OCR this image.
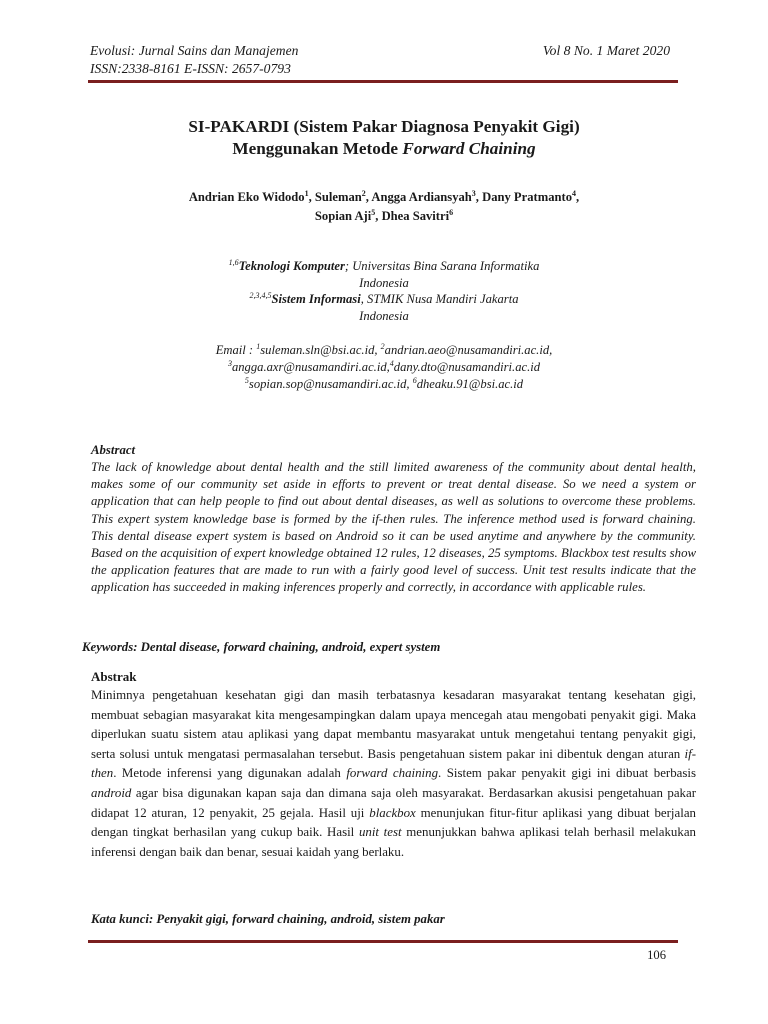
Evolusi: Jurnal Sains dan Manajemen	Vol 8 No. 1 Maret 2020
ISSN:2338-8161 E-ISSN: 2657-0793
SI-PAKARDI (Sistem Pakar Diagnosa Penyakit Gigi)
Menggunakan Metode Forward Chaining
Andrian Eko Widodo$^1$, Suleman$^2$, Angga Ardiansyah$^3$, Dany Pratmanto$^4$,
Sopian Aji$^5$, Dhea Savitri$^6$
$^{1,6}$Teknologi Komputer; Universitas Bina Sarana Informatika
Indonesia
$^{2,3,4,5}$Sistem Informasi, STMIK Nusa Mandiri Jakarta
Indonesia
Email : $^1$suleman.sln@bsi.ac.id, $^2$andrian.aeo@nusamandiri.ac.id,
$^3$angga.axr@nusamandiri.ac.id,$^4$dany.dto@nusamandiri.ac.id
$^5$sopian.sop@nusamandiri.ac.id, $^6$dheaku.91@bsi.ac.id
Abstract

The lack of knowledge about dental health and the still limited awareness of the community about dental health, makes some of our community set aside in efforts to prevent or treat dental disease. So we need a system or application that can help people to find out about dental diseases, as well as solutions to overcome these problems. This expert system knowledge base is formed by the if-then rules. The inference method used is forward chaining. This dental disease expert system is based on Android so it can be used anytime and anywhere by the community. Based on the acquisition of expert knowledge obtained 12 rules, 12 diseases, 25 symptoms. Blackbox test results show the application features that are made to run with a fairly good level of success. Unit test results indicate that the application has succeeded in making inferences properly and correctly, in accordance with applicable rules.

Keywords: Dental disease, forward chaining, android, expert system
Abstrak

Minimnya pengetahuan kesehatan gigi dan masih terbatasnya kesadaran masyarakat tentang kesehatan gigi, membuat sebagian masyarakat kita mengesampingkan dalam upaya mencegah atau mengobati penyakit gigi. Maka diperlukan suatu sistem atau aplikasi yang dapat membantu masyarakat untuk mengetahui tentang penyakit gigi, serta solusi untuk mengatasi permasalahan tersebut. Basis pengetahuan sistem pakar ini dibentuk dengan aturan if-then. Metode inferensi yang digunakan adalah forward chaining. Sistem pakar penyakit gigi ini dibuat berbasis android agar bisa digunakan kapan saja dan dimana saja oleh masyarakat. Berdasarkan akusisi pengetahuan pakar didapat 12 aturan, 12 penyakit, 25 gejala. Hasil uji blackbox menunjukan fitur-fitur aplikasi yang dibuat berjalan dengan tingkat berhasilan yang cukup baik. Hasil unit test menunjukkan bahwa aplikasi telah berhasil melakukan inferensi dengan baik dan benar, sesuai kaidah yang berlaku.

Kata kunci: Penyakit gigi, forward chaining, android, sistem pakar
106
